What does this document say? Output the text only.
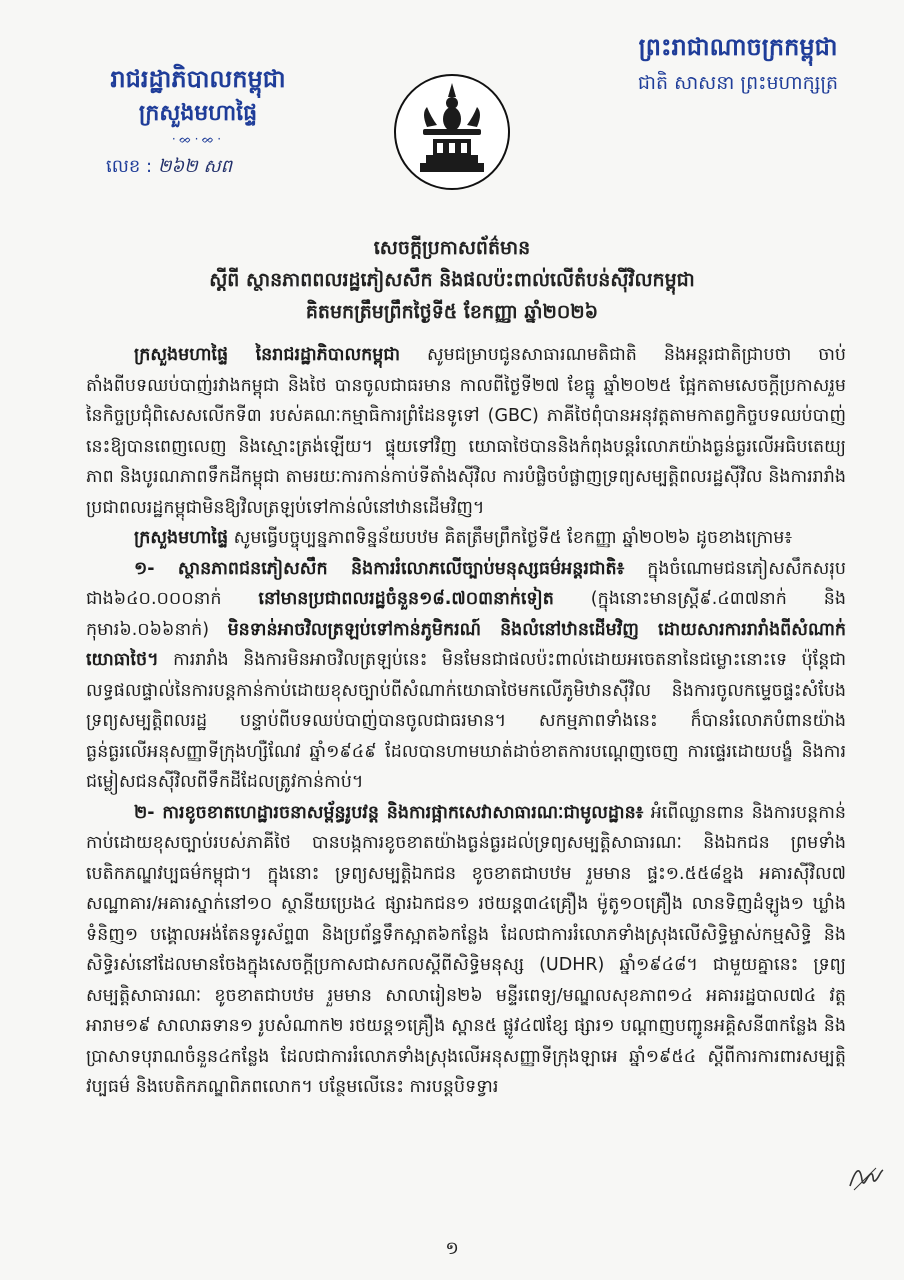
រាជរដ្ឋាភិបាលកម្ពុជា
ក្រសួងមហាផ្ទៃ
·ᨖ·ᨖ·
លេខ : ២៦២ សព
ព្រះរាជាណាចក្រកម្ពុជា
ជាតិ សាសនា ព្រះមហាក្សត្រ
សេចក្ដីប្រកាសព័ត៌មាន
ស្ដីពី ស្ថានភាពពលរដ្ឋភៀសសឹក និងផលប៉ះពាល់លើតំបន់ស៊ីវិលកម្ពុជា
គិតមកត្រឹមព្រឹកថ្ងៃទី៥ ខែកញ្ញា ឆ្នាំ២០២៦

ក្រសួងមហាផ្ទៃ នៃរាជរដ្ឋាភិបាលកម្ពុជា សូមជម្រាបជូនសាធារណមតិជាតិ និងអន្តរជាតិជ្រាបថា ចាប់តាំងពីបទឈប់បាញ់រវាងកម្ពុជា និងថៃ បានចូលជាធរមាន កាលពីថ្ងៃទី២៧ ខែធ្នូ ឆ្នាំ២០២៥ ផ្អែកតាមសេចក្ដីប្រកាសរួមនៃកិច្ចប្រជុំពិសេសលើកទី៣ របស់គណៈកម្មាធិការព្រំដែនទូទៅ (GBC) ភាគីថៃពុំបានអនុវត្តតាមកាតព្វកិច្ចបទឈប់បាញ់នេះឱ្យបានពេញលេញ និងស្មោះត្រង់ឡើយ។ ផ្ទុយទៅវិញ យោធាថៃបាននិងកំពុងបន្តរំលោភយ៉ាងធ្ងន់ធ្ងរលើអធិបតេយ្យភាព និងបូរណភាពទឹកដីកម្ពុជា តាមរយៈការកាន់កាប់ទីតាំងស៊ីវិល ការបំផ្លិចបំផ្លាញទ្រព្យសម្បត្តិពលរដ្ឋស៊ីវិល និងការរារាំងប្រជាពលរដ្ឋកម្ពុជាមិនឱ្យវិលត្រឡប់ទៅកាន់លំនៅឋានដើមវិញ។

ក្រសួងមហាផ្ទៃ សូមធ្វើបច្ចុប្បន្នភាពទិន្នន័យបឋម គិតត្រឹមព្រឹកថ្ងៃទី៥ ខែកញ្ញា ឆ្នាំ២០២៦ ដូចខាងក្រោម៖

១- ស្ថានភាពជនភៀសសឹក និងការរំលោភលើច្បាប់មនុស្សធម៌អន្តរជាតិ៖ ក្នុងចំណោមជនភៀសសឹកសរុបជាង៦៤០.០០០នាក់ នៅមានប្រជាពលរដ្ឋចំនួន១៨.៧០៣នាក់ទៀត (ក្នុងនោះមានស្ត្រី៩.៤៣៧នាក់ និងកុមារ៦.០៦៦នាក់) មិនទាន់អាចវិលត្រឡប់ទៅកាន់ភូមិករណ៍ និងលំនៅឋានដើមវិញ ដោយសារការរារាំងពីសំណាក់យោធាថៃ។ ការរារាំង និងការមិនអាចវិលត្រឡប់នេះ មិនមែនជាផលប៉ះពាល់ដោយអចេតនានៃជម្លោះនោះទេ ប៉ុន្តែជាលទ្ធផលផ្ទាល់នៃការបន្តកាន់កាប់ដោយខុសច្បាប់ពីសំណាក់យោធាថៃមកលើភូមិឋានស៊ីវិល និងការចូលកម្ទេចផ្ទះសំបែង ទ្រព្យសម្បត្តិពលរដ្ឋ បន្ទាប់ពីបទឈប់បាញ់បានចូលជាធរមាន។ សកម្មភាពទាំងនេះ ក៏បានរំលោភបំពានយ៉ាងធ្ងន់ធ្ងរលើអនុសញ្ញាទីក្រុងហ្សឺណែវ ឆ្នាំ១៩៤៩ ដែលបានហាមឃាត់ដាច់ខាតការបណ្ដេញចេញ ការផ្ទេរដោយបង្ខំ និងការជម្លៀសជនស៊ីវិលពីទឹកដីដែលត្រូវកាន់កាប់។

២- ការខូចខាតហេដ្ឋារចនាសម្ព័ន្ធរូបវន្ត និងការផ្អាកសេវាសាធារណៈជាមូលដ្ឋាន៖ អំពើឈ្លានពាន និងការបន្តកាន់កាប់ដោយខុសច្បាប់របស់ភាគីថៃ បានបង្កការខូចខាតយ៉ាងធ្ងន់ធ្ងរដល់ទ្រព្យសម្បត្តិសាធារណៈ និងឯកជន ព្រមទាំងបេតិកភណ្ឌវប្បធម៌កម្ពុជា។ ក្នុងនោះ ទ្រព្យសម្បត្តិឯកជន ខូចខាតជាបឋម រួមមាន ផ្ទះ១.៥៥៨ខ្នង អគារស៊ីវិល៧ សណ្ឋាគារ/អគារស្នាក់នៅ១០ ស្ថានីយប្រេង៤ ផ្សារឯកជន១ រថយន្ត៣៤គ្រឿង ម៉ូតូ១០គ្រឿង លានទិញដំឡូង១ ឃ្លាំងទំនិញ១ បង្គោលអង់តែនទូរស័ព្ទ៣ និងប្រព័ន្ធទឹកស្អាត៦កន្លែង ដែលជាការរំលោភទាំងស្រុងលើសិទ្ធិម្ចាស់កម្មសិទ្ធិ និងសិទ្ធិរស់នៅដែលមានចែងក្នុងសេចក្ដីប្រកាសជាសកលស្ដីពីសិទ្ធិមនុស្ស (UDHR) ឆ្នាំ១៩៤៨។ ជាមួយគ្នានេះ ទ្រព្យសម្បត្តិសាធារណៈ ខូចខាតជាបឋម រួមមាន សាលារៀន២៦ មន្ទីរពេទ្យ/មណ្ឌលសុខភាព១៤ អគាររដ្ឋបាល៧៤ វត្តអារាម១៩ សាលាឆទាន១ រូបសំណាក២ រថយន្ត១គ្រឿង ស្ពាន៥ ផ្លូវ៤៧ខ្សែ ផ្សារ១ បណ្ដាញបញ្ជូនអគ្គិសនី៣កន្លែង និងប្រាសាទបុរាណចំនួន៤កន្លែង ដែលជាការរំលោភទាំងស្រុងលើអនុសញ្ញាទីក្រុងឡាអេ ឆ្នាំ១៩៥៤ ស្ដីពីការការពារសម្បត្តិវប្បធម៌ និងបេតិកភណ្ឌពិភពលោក។ បន្ថែមលើនេះ ការបន្តបិទទ្វារ

១
